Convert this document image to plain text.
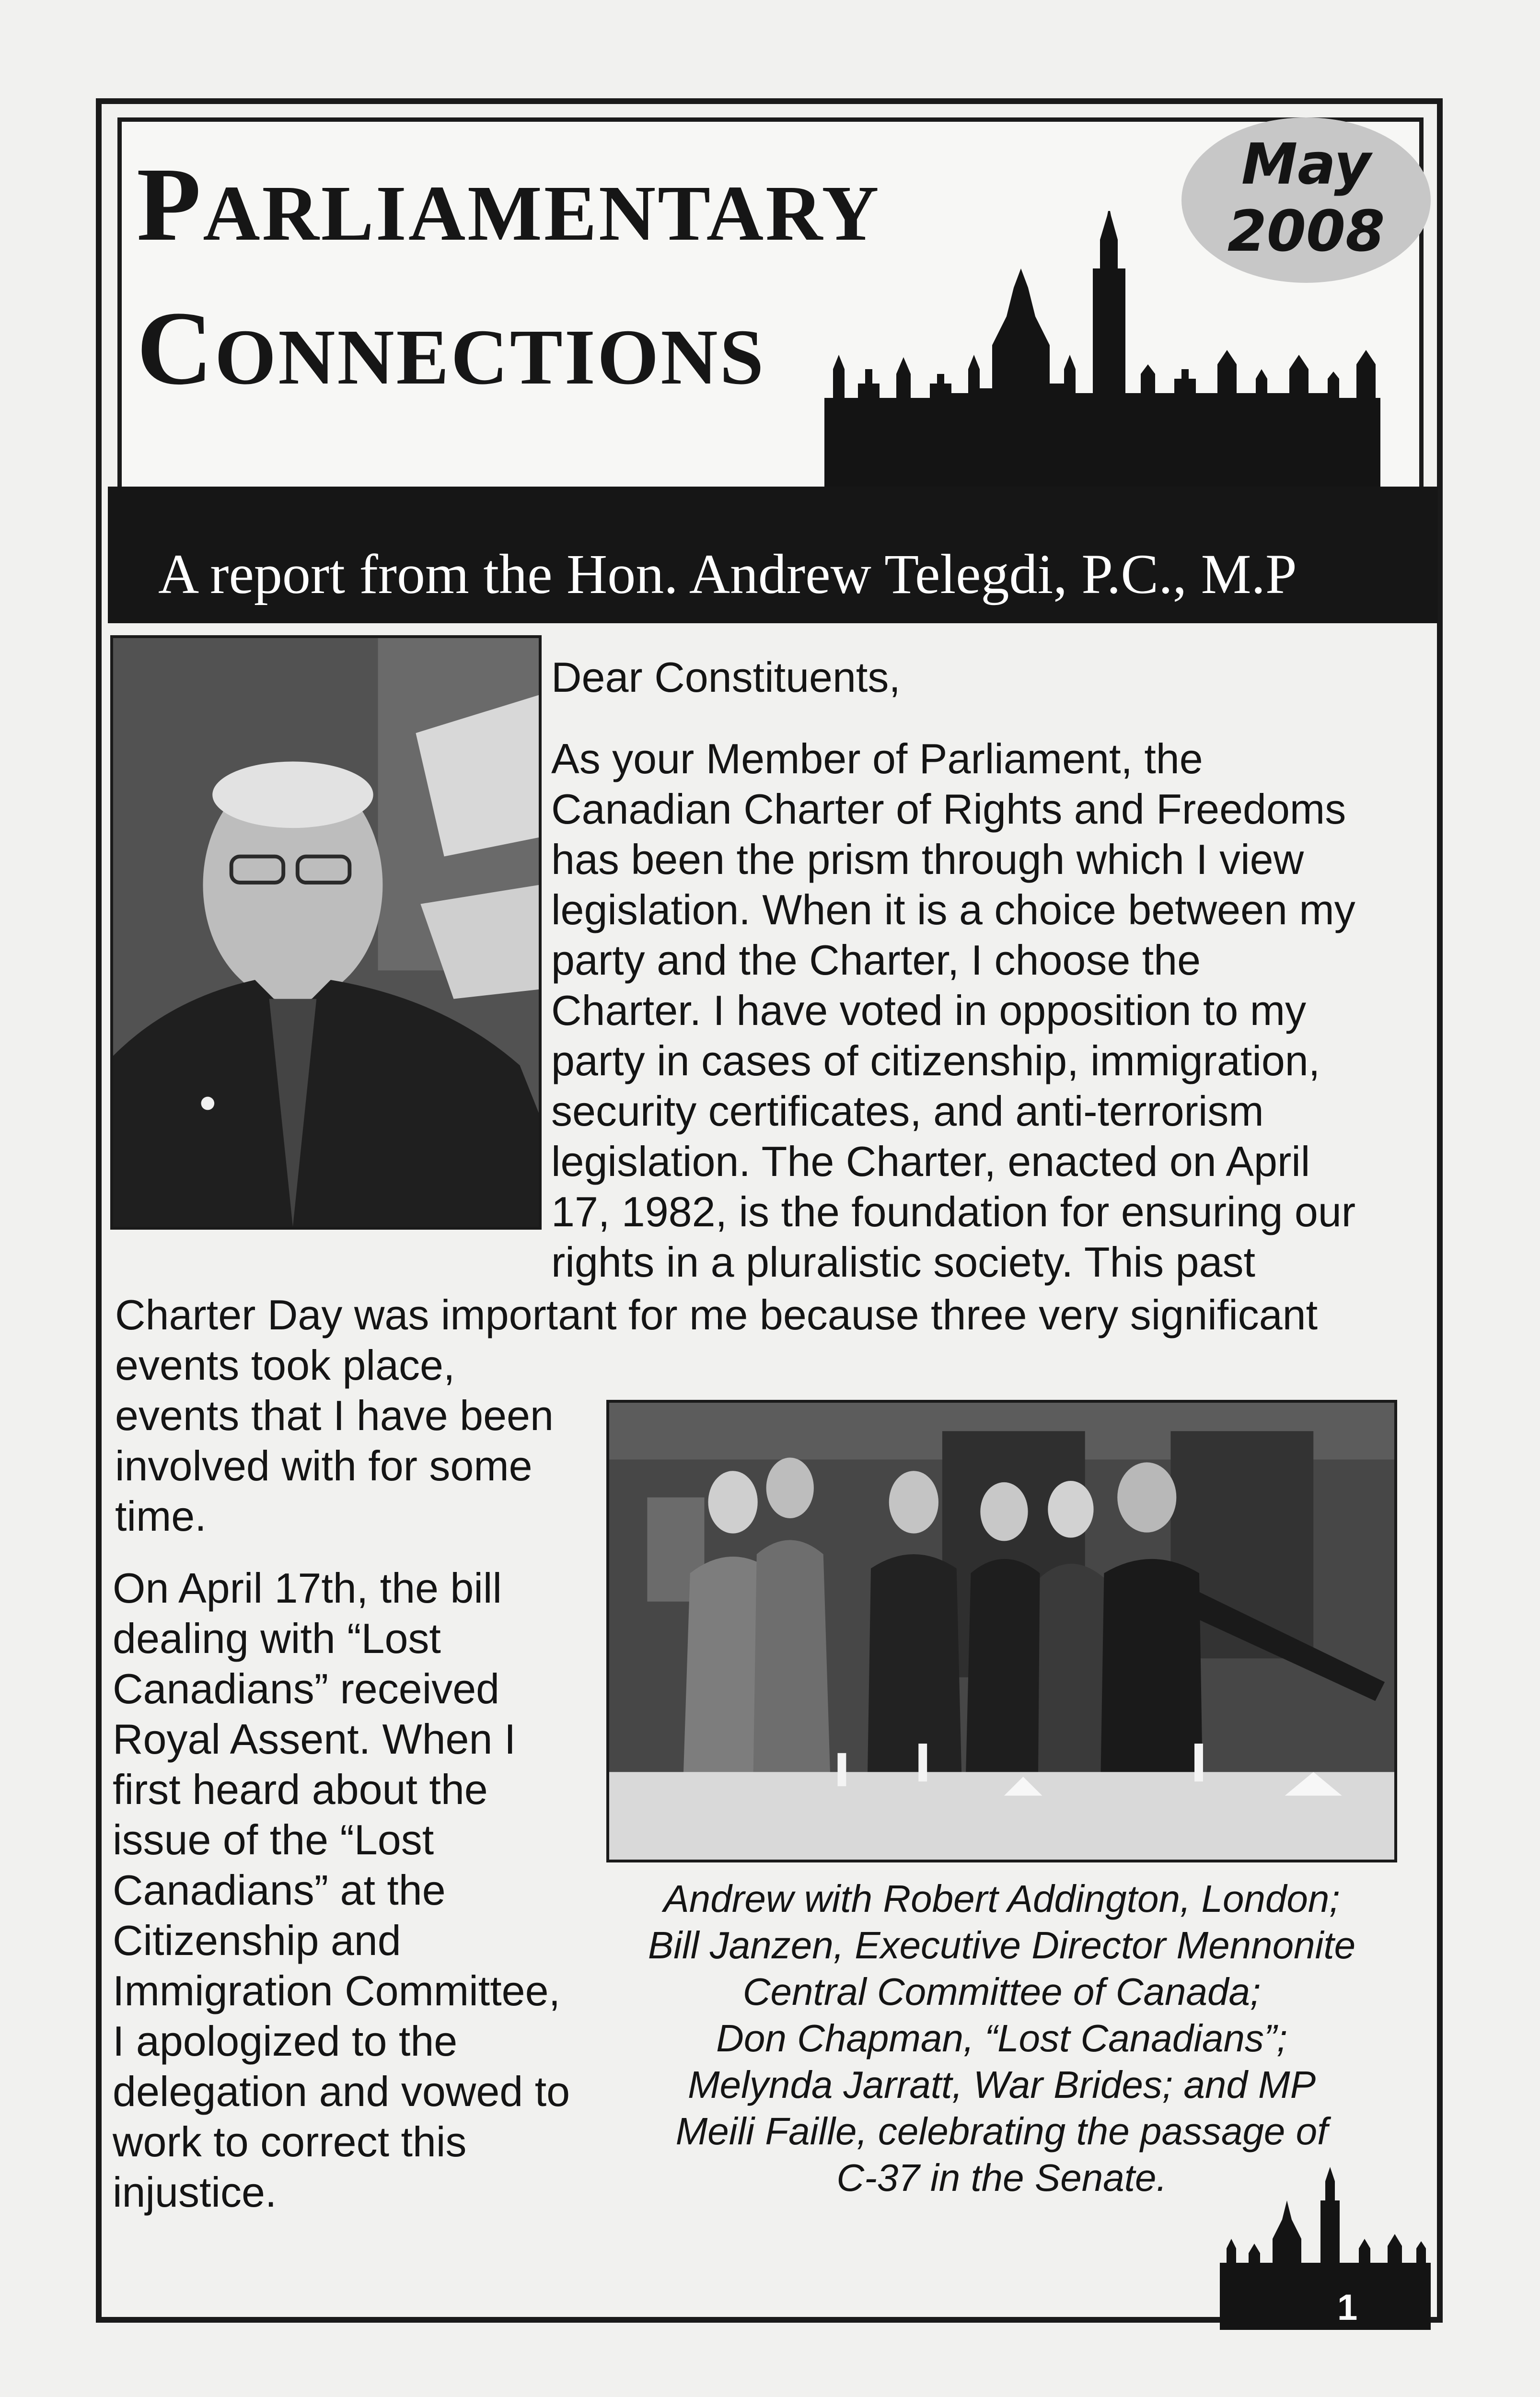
PARLIAMENTARY
CONNECTIONS
May
2008
A report from the Hon. Andrew Telegdi, P.C., M.P
Dear Constituents,
As your Member of Parliament, the
Canadian Charter of Rights and Freedoms
has been the prism through which I view
legislation. When it is a choice between my
party and the Charter, I choose the
Charter. I have voted in opposition to my
party in cases of citizenship, immigration,
security certificates, and anti-terrorism
legislation. The Charter, enacted on April
17, 1982, is the foundation for ensuring our
rights in a pluralistic society. This past
Charter Day was important for me because three very significant
events took place,
events that I have been
involved with for some
time.
On April 17th, the bill
dealing with “Lost
Canadians” received
Royal Assent. When I
first heard about the
issue of the “Lost
Canadians” at the
Citizenship and
Immigration Committee,
I apologized to the
delegation and vowed to
work to correct this
injustice.
Andrew with Robert Addington, London;
Bill Janzen, Executive Director Mennonite
Central Committee of Canada;
Don Chapman, “Lost Canadians”;
Melynda Jarratt, War Brides; and MP
Meili Faille, celebrating the passage of
C-37 in the Senate.
1
